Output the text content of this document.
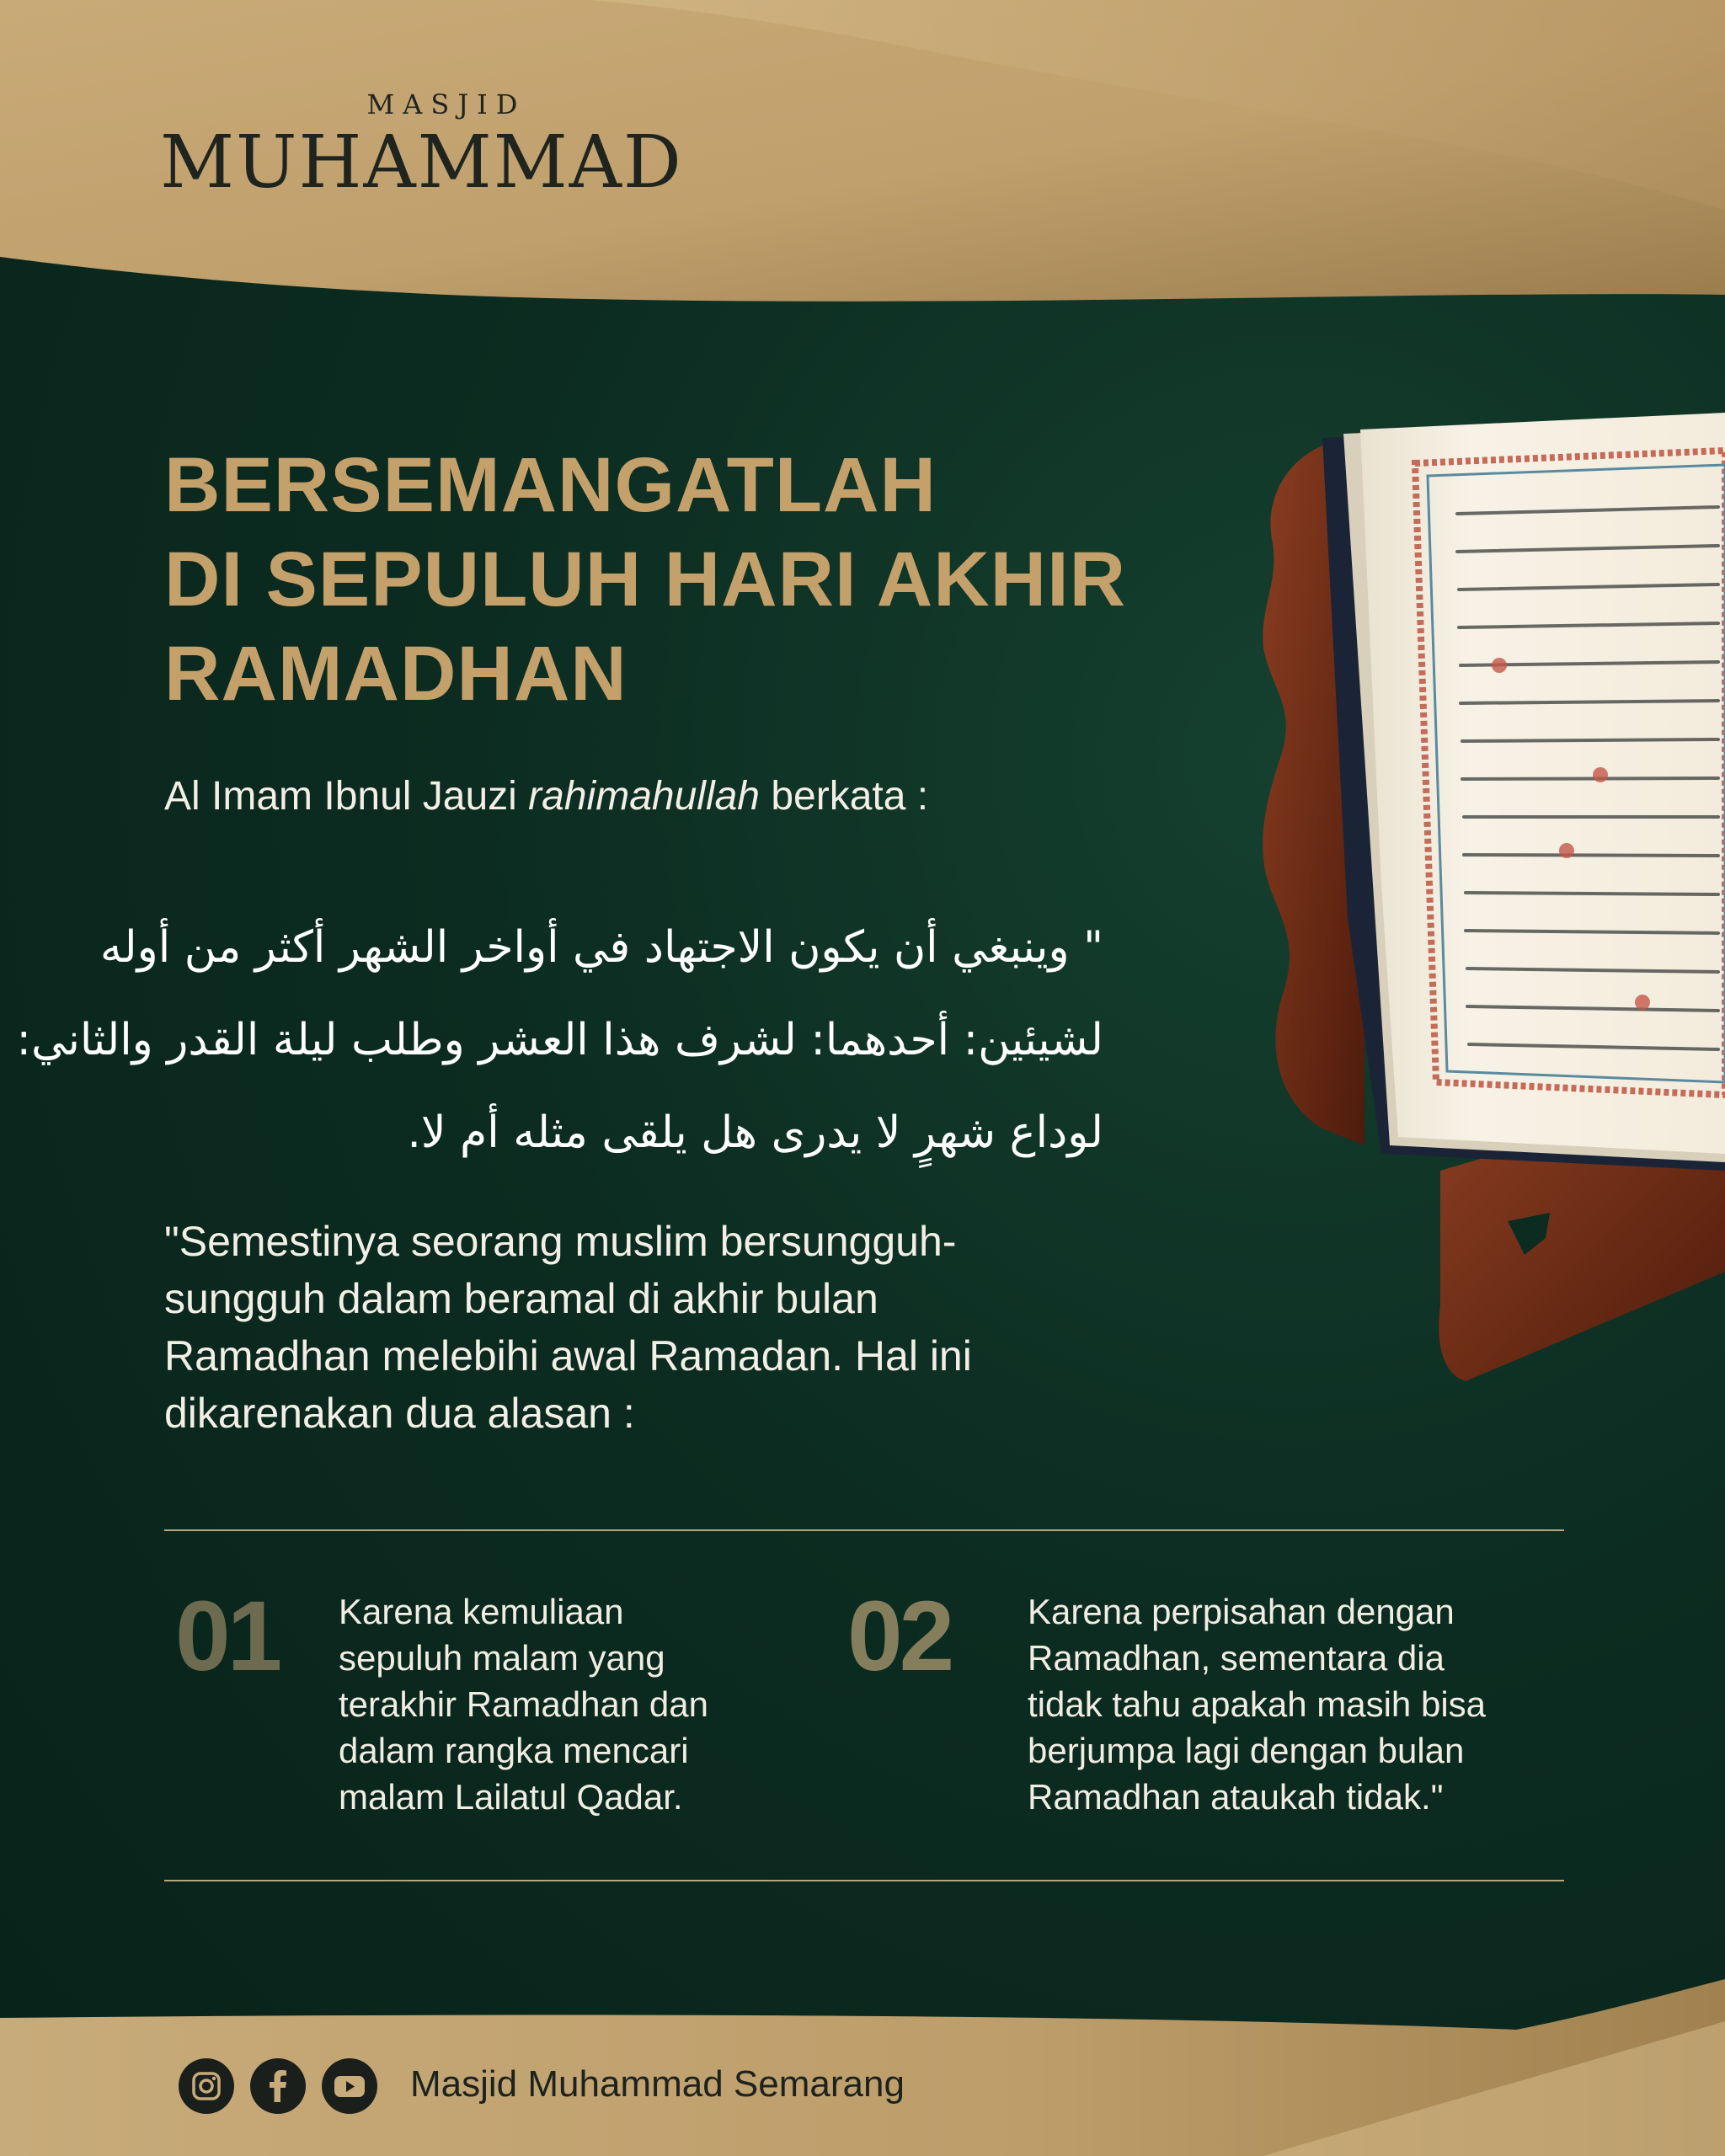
MASJID
MUHAMMAD
BERSEMANGATLAH
DI SEPULUH HARI AKHIR
RAMADHAN
Al Imam Ibnul Jauzi rahimahullah berkata :
" وينبغي أن يكون الاجتهاد في أواخر الشهر أكثر من أوله
لشيئين: أحدهما: لشرف هذا العشر وطلب ليلة القدر والثاني:
لوداع شهرٍ لا يدرى هل يلقى مثله أم لا.
"Semestinya seorang muslim bersungguh-
sungguh dalam beramal di akhir bulan
Ramadhan melebihi awal Ramadan. Hal ini
dikarenakan dua alasan :
01 Karena kemuliaan
sepuluh malam yang
terakhir Ramadhan dan
dalam rangka mencari
malam Lailatul Qadar.
02 Karena perpisahan dengan
Ramadhan, sementara dia
tidak tahu apakah masih bisa
berjumpa lagi dengan bulan
Ramadhan ataukah tidak."
Masjid Muhammad Semarang
